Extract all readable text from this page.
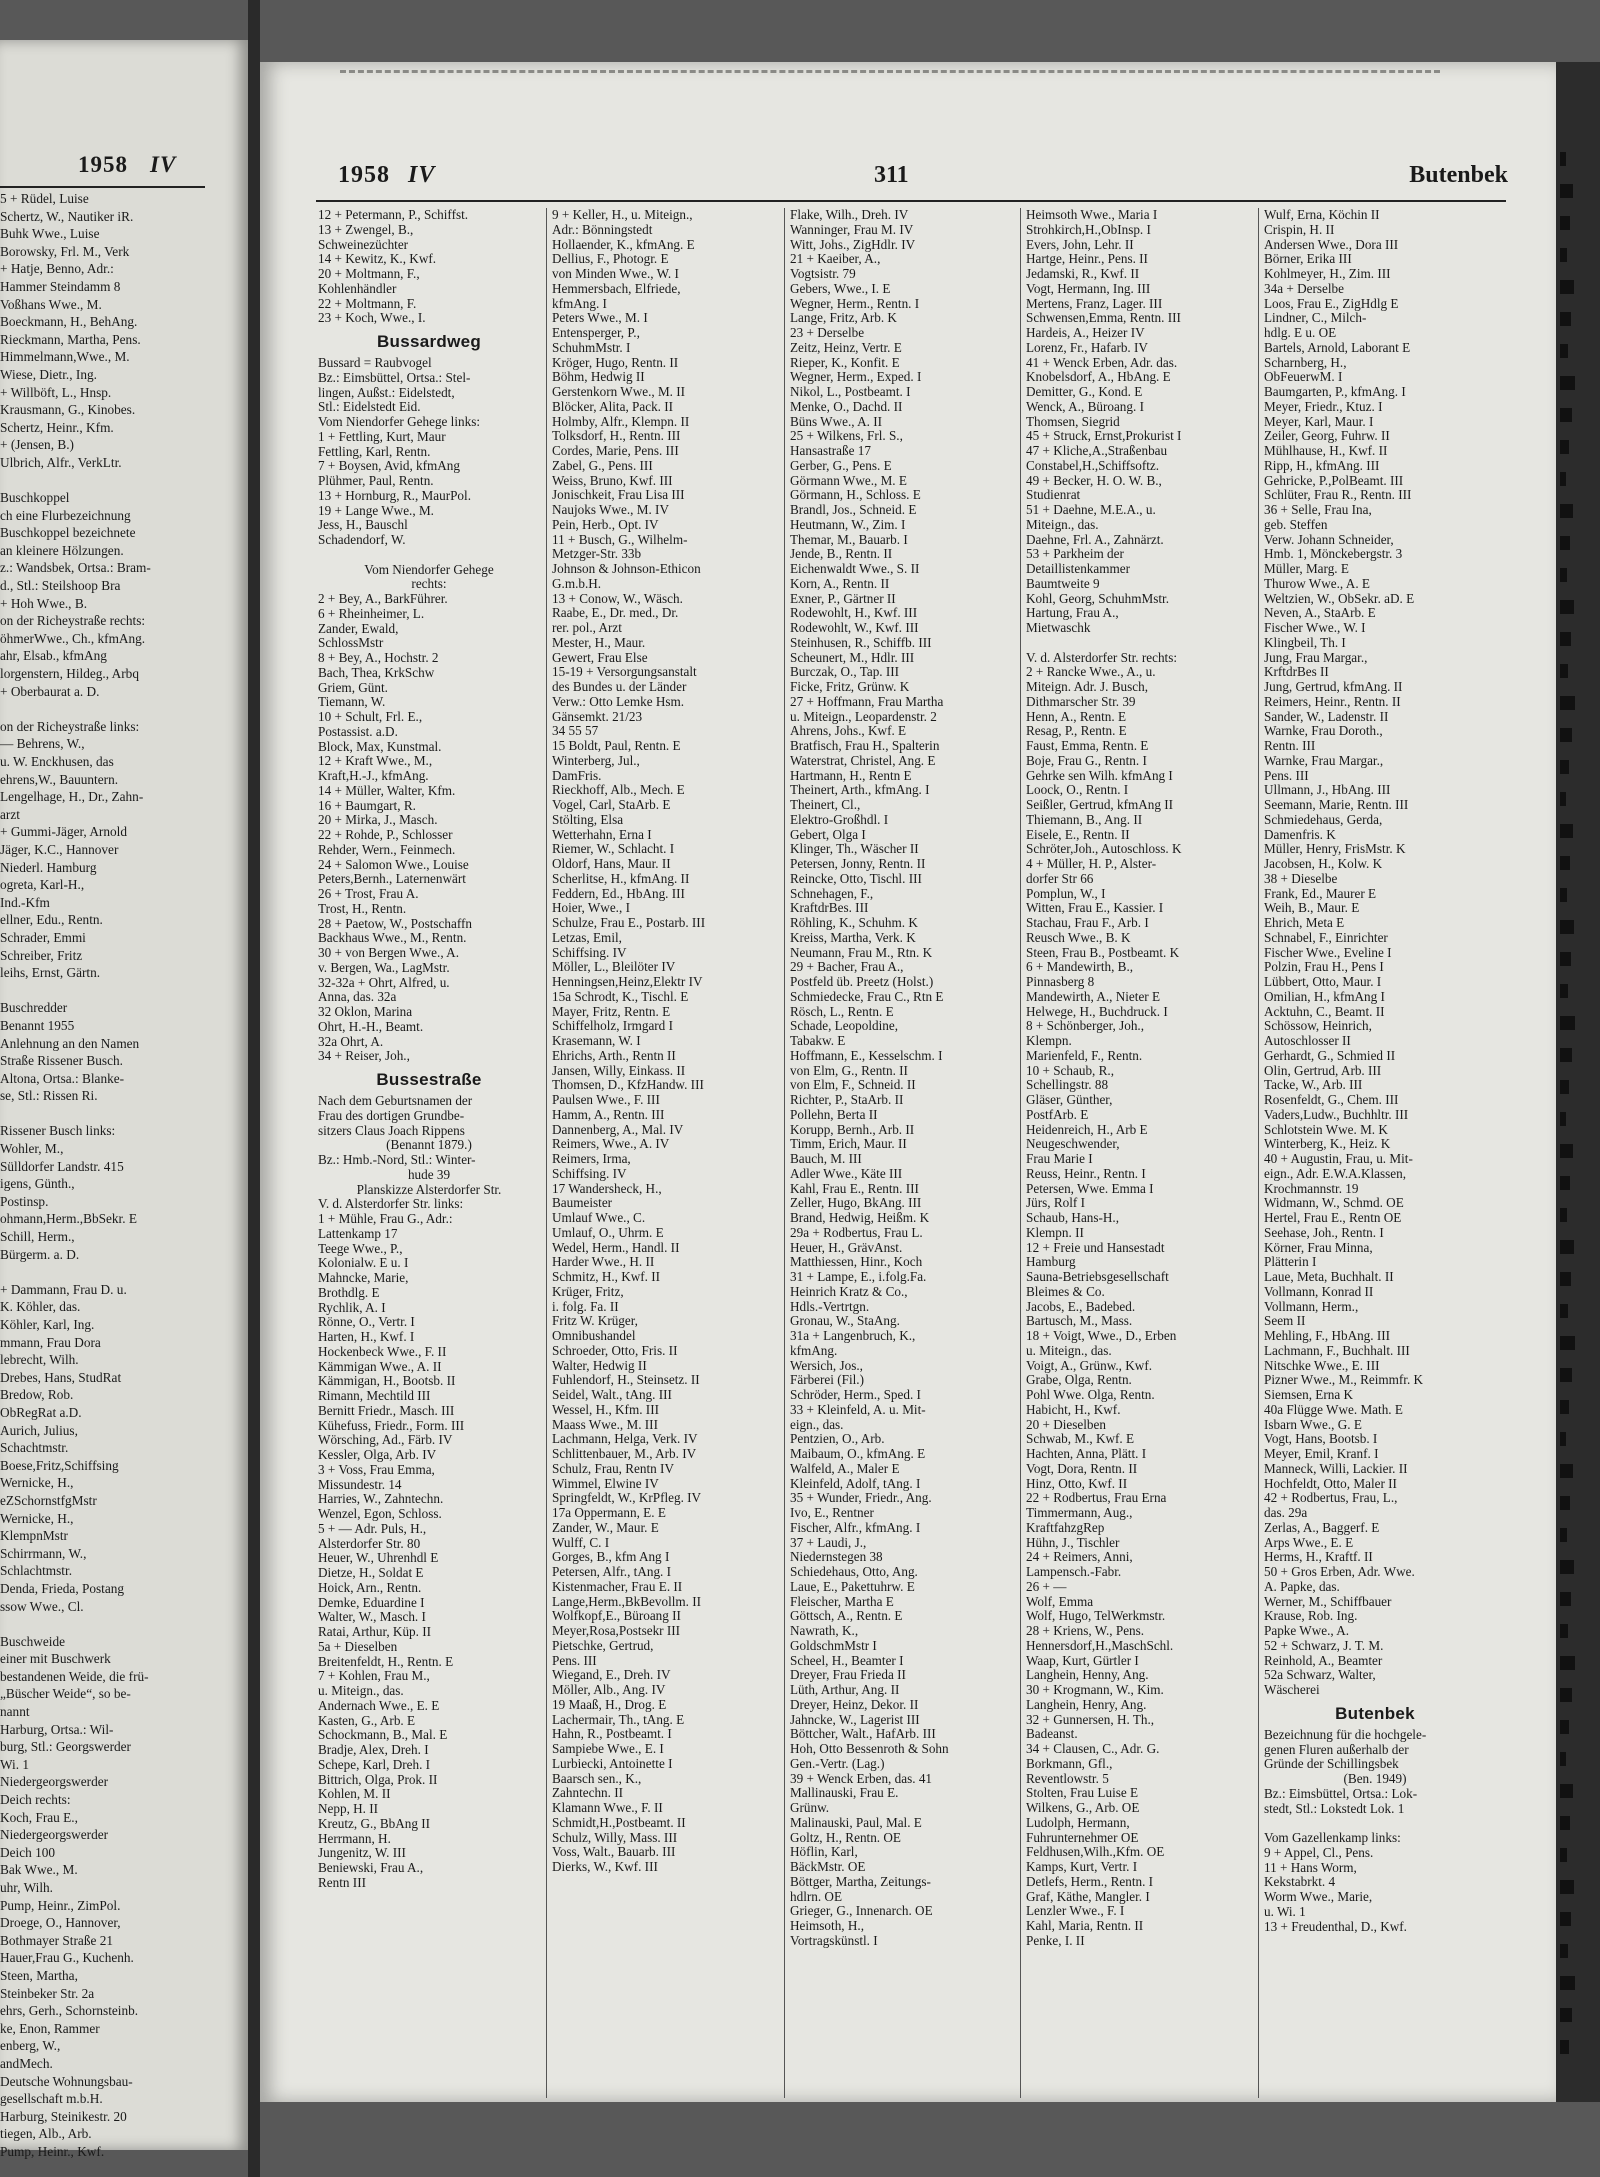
1958 IV
5 + Rüdel, Luise
Schertz, W., Nautiker iR.
Buhk Wwe., Luise
Borowsky, Frl. M., Verk
+ Hatje, Benno, Adr.:
Hammer Steindamm 8
Voßhans Wwe., M.
Boeckmann, H., BehAng.
Rieckmann, Martha, Pens.
Himmelmann,Wwe., M.
Wiese, Dietr., Ing.
+ Willböft, L., Hnsp.
Krausmann, G., Kinobes.
Schertz, Heinr., Kfm.
+ (Jensen, B.)
Ulbrich, Alfr., VerkLtr.

Buschkoppel
ch eine Flurbezeichnung
Buschkoppel bezeichnete
an kleinere Hölzungen.
z.: Wandsbek, Ortsa.: Bram-
d., Stl.: Steilshoop Bra
+ Hoh Wwe., B.
on der Richeystraße rechts:
öhmerWwe., Ch., kfmAng.
ahr, Elsab., kfmAng
lorgenstern, Hildeg., Arbq
+ Oberbaurat a. D.

on der Richeystraße links:
— Behrens, W.,
u. W. Enckhusen, das
ehrens,W., Bauuntern.
Lengelhage, H., Dr., Zahn-
arzt
+ Gummi-Jäger, Arnold
Jäger, K.C., Hannover
Niederl. Hamburg
ogreta, Karl-H.,
Ind.-Kfm
ellner, Edu., Rentn.
Schrader, Emmi
Schreiber, Fritz
leihs, Ernst, Gärtn.

Buschredder
Benannt 1955
Anlehnung an den Namen
Straße Rissener Busch.
Altona, Ortsa.: Blanke-
se, Stl.: Rissen Ri.

Rissener Busch links:
Wohler, M.,
Sülldorfer Landstr. 415
igens, Günth.,
Postinsp.
ohmann,Herm.,BbSekr. E
Schill, Herm.,
Bürgerm. a. D.

+ Dammann, Frau D. u.
K. Köhler, das.
Köhler, Karl, Ing.
mmann, Frau Dora
lebrecht, Wilh.
Drebes, Hans, StudRat
Bredow, Rob.
ObRegRat a.D.
Aurich, Julius,
Schachtmstr.
Boese,Fritz,Schiffsing
Wernicke, H.,
eZSchornstfgMstr
Wernicke, H.,
KlempnMstr
Schirrmann, W.,
Schlachtmstr.
Denda, Frieda, Postang
ssow Wwe., Cl.

Buschweide
einer mit Buschwerk
bestandenen Weide, die frü-
„Büscher Weide“, so be-
nannt
Harburg, Ortsa.: Wil-
burg, Stl.: Georgswerder
Wi. 1
Niedergeorgswerder
Deich rechts:
Koch, Frau E.,
Niedergeorgswerder
Deich 100
Bak Wwe., M.
uhr, Wilh.
Pump, Heinr., ZimPol.
Droege, O., Hannover,
Bothmayer Straße 21
Hauer,Frau G., Kuchenh.
Steen, Martha,
Steinbeker Str. 2a
ehrs, Gerh., Schornsteinb.
ke, Enon, Rammer
enberg, W.,
andMech.
Deutsche Wohnungsbau-
gesellschaft m.b.H.
Harburg, Steinikestr. 20
tiegen, Alb., Arb.
Pump, Heinr., Kwf.
1958 IV	311	Butenbek
12 + Petermann, P., Schiffst.
13 + Zwengel, B.,
Schweinezüchter
14 + Kewitz, K., Kwf.
20 + Moltmann, F.,
Kohlenhändler
22 + Moltmann, F.
23 + Koch, Wwe., I.
Bussardweg
Bussard = Raubvogel
Bz.: Eimsbüttel, Ortsa.: Stel-
lingen, Außst.: Eidelstedt,
Stl.: Eidelstedt Eid.
Vom Niendorfer Gehege links:
1 + Fettling, Kurt, Maur
Fettling, Karl, Rentn.
7 + Boysen, Avid, kfmAng
Plühmer, Paul, Rentn.
13 + Hornburg, R., MaurPol.
19 + Lange Wwe., M.
Jess, H., Bauschl
Schadendorf, W.

Vom Niendorfer Gehege
rechts:
2 + Bey, A., BarkFührer.
6 + Rheinheimer, L.
Zander, Ewald,
SchlossMstr
8 + Bey, A., Hochstr. 2
Bach, Thea, KrkSchw
Griem, Günt.
Tiemann, W.
10 + Schult, Frl. E.,
Postassist. a.D.
Block, Max, Kunstmal.
12 + Kraft Wwe., M.,
Kraft,H.-J., kfmAng.
14 + Müller, Walter, Kfm.
16 + Baumgart, R.
20 + Mirka, J., Masch.
22 + Rohde, P., Schlosser
Rehder, Wern., Feinmech.
24 + Salomon Wwe., Louise
Peters,Bernh., Laternenwärt
26 + Trost, Frau A.
Trost, H., Rentn.
28 + Paetow, W., Postschaffn
Backhaus Wwe., M., Rentn.
30 + von Bergen Wwe., A.
v. Bergen, Wa., LagMstr.
32-32a + Ohrt, Alfred, u.
Anna, das. 32a
32 Oklon, Marina
Ohrt, H.-H., Beamt.
32a Ohrt, A.
34 + Reiser, Joh.,
Bussestraße
Nach dem Geburtsnamen der
Frau des dortigen Grundbe-
sitzers Claus Joach Rippens
(Benannt 1879.)
Bz.: Hmb.-Nord, Stl.: Winter-
hude 39
Planskizze Alsterdorfer Str.
V. d. Alsterdorfer Str. links:
1 + Mühle, Frau G., Adr.:
Lattenkamp 17
Teege Wwe., P.,
Kolonialw. E u. I
Mahncke, Marie,
Brothdlg. E
Rychlik, A. I
Rönne, O., Vertr. I
Harten, H., Kwf. I
Hockenbeck Wwe., F. II
Kämmigan Wwe., A. II
Kämmigan, H., Bootsb. II
Rimann, Mechtild III
Bernitt Friedr., Masch. III
Kühefuss, Friedr., Form. III
Wörsching, Ad., Färb. IV
Kessler, Olga, Arb. IV
3 + Voss, Frau Emma,
Missundestr. 14
Harries, W., Zahntechn.
Wenzel, Egon, Schloss.
5 + — Adr. Puls, H.,
Alsterdorfer Str. 80
Heuer, W., Uhrenhdl E
Dietze, H., Soldat E
Hoick, Arn., Rentn.
Demke, Eduardine I
Walter, W., Masch. I
Ratai, Arthur, Küp. II
5a + Dieselben
Breitenfeldt, H., Rentn. E
7 + Kohlen, Frau M.,
u. Miteign., das.
Andernach Wwe., E. E
Kasten, G., Arb. E
Schockmann, B., Mal. E
Bradje, Alex, Dreh. I
Schepe, Karl, Dreh. I
Bittrich, Olga, Prok. II
Kohlen, M. II
Nepp, H. II
Kreutz, G., BbAng II
Herrmann, H.
Jungenitz, W. III
Beniewski, Frau A.,
Rentn III
9 + Keller, H., u. Miteign.,
Adr.: Bönningstedt
Hollaender, K., kfmAng. E
Dellius, F., Photogr. E
von Minden Wwe., W. I
Hemmersbach, Elfriede,
kfmAng. I
Peters Wwe., M. I
Entensperger, P.,
SchuhmMstr. I
Kröger, Hugo, Rentn. II
Böhm, Hedwig II
Gerstenkorn Wwe., M. II
Blöcker, Alita, Pack. II
Holmby, Alfr., Klempn. II
Tolksdorf, H., Rentn. III
Cordes, Marie, Pens. III
Zabel, G., Pens. III
Weiss, Bruno, Kwf. III
Jonischkeit, Frau Lisa III
Naujoks Wwe., M. IV
Pein, Herb., Opt. IV
11 + Busch, G., Wilhelm-
Metzger-Str. 33b
Johnson & Johnson-Ethicon
G.m.b.H.
13 + Conow, W., Wäsch.
Raabe, E., Dr. med., Dr.
rer. pol., Arzt
Mester, H., Maur.
Gewert, Frau Else
15-19 + Versorgungsanstalt
des Bundes u. der Länder
Verw.: Otto Lemke Hsm.
Gänsemkt. 21/23
34 55 57
15 Boldt, Paul, Rentn. E
Winterberg, Jul.,
DamFris.
Rieckhoff, Alb., Mech. E
Vogel, Carl, StaArb. E
Stölting, Elsa
Wetterhahn, Erna I
Riemer, W., Schlacht. I
Oldorf, Hans, Maur. II
Scherlitse, H., kfmAng. II
Feddern, Ed., HbAng. III
Hoier, Wwe., I
Schulze, Frau E., Postarb. III
Letzas, Emil,
Schiffsing. IV
Möller, L., Bleilöter IV
Henningsen,Heinz,Elektr IV
15a Schrodt, K., Tischl. E
Mayer, Fritz, Rentn. E
Schiffelholz, Irmgard I
Krasemann, W. I
Ehrichs, Arth., Rentn II
Jansen, Willy, Einkass. II
Thomsen, D., KfzHandw. III
Paulsen Wwe., F. III
Hamm, A., Rentn. III
Dannenberg, A., Mal. IV
Reimers, Wwe., A. IV
Reimers, Irma,
Schiffsing. IV
17 Wandersheck, H.,
Baumeister
Umlauf Wwe., C.
Umlauf, O., Uhrm. E
Wedel, Herm., Handl. II
Harder Wwe., H. II
Schmitz, H., Kwf. II
Krüger, Fritz,
i. folg. Fa. II
Fritz W. Krüger,
Omnibushandel
Schroeder, Otto, Fris. II
Walter, Hedwig II
Fuhlendorf, H., Steinsetz. II
Seidel, Walt., tAng. III
Wessel, H., Kfm. III
Maass Wwe., M. III
Lachmann, Helga, Verk. IV
Schlittenbauer, M., Arb. IV
Schulz, Frau, Rentn IV
Wimmel, Elwine IV
Springfeldt, W., KrPfleg. IV
17a Oppermann, E. E
Zander, W., Maur. E
Wulff, C. I
Gorges, B., kfm Ang I
Petersen, Alfr., tAng. I
Kistenmacher, Frau E. II
Lange,Herm.,BkBevollm. II
Wolfkopf,E., Büroang II
Meyer,Rosa,Postsekr III
Pietschke, Gertrud,
Pens. III
Wiegand, E., Dreh. IV
Möller, Alb., Ang. IV
19 Maaß, H., Drog. E
Lachermair, Th., tAng. E
Hahn, R., Postbeamt. I
Sampiebe Wwe., E. I
Lurbiecki, Antoinette I
Baarsch sen., K.,
Zahntechn. II
Klamann Wwe., F. II
Schmidt,H.,Postbeamt. II
Schulz, Willy, Mass. III
Voss, Walt., Bauarb. III
Dierks, W., Kwf. III
Flake, Wilh., Dreh. IV
Wanninger, Frau M. IV
Witt, Johs., ZigHdlr. IV
21 + Kaeiber, A.,
Vogtsistr. 79
Gebers, Wwe., I. E
Wegner, Herm., Rentn. I
Lange, Fritz, Arb. K
23 + Derselbe
Zeitz, Heinz, Vertr. E
Rieper, K., Konfit. E
Wegner, Herm., Exped. I
Nikol, L., Postbeamt. I
Menke, O., Dachd. II
Büns Wwe., A. II
25 + Wilkens, Frl. S.,
Hansastraße 17
Gerber, G., Pens. E
Görmann Wwe., M. E
Görmann, H., Schloss. E
Brandl, Jos., Schneid. E
Heutmann, W., Zim. I
Themar, M., Bauarb. I
Jende, B., Rentn. II
Eichenwaldt Wwe., S. II
Korn, A., Rentn. II
Exner, P., Gärtner II
Rodewohlt, H., Kwf. III
Rodewohlt, W., Kwf. III
Steinhusen, R., Schiffb. III
Scheunert, M., Hdlr. III
Burczak, O., Tap. III
Ficke, Fritz, Grünw. K
27 + Hoffmann, Frau Martha
u. Miteign., Leopardenstr. 2
Ahrens, Johs., Kwf. E
Bratfisch, Frau H., Spalterin
Waterstrat, Christel, Ang. E
Hartmann, H., Rentn E
Theinert, Arth., kfmAng. I
Theinert, Cl.,
Elektro-Großhdl. I
Gebert, Olga I
Klinger, Th., Wäscher II
Petersen, Jonny, Rentn. II
Reincke, Otto, Tischl. III
Schnehagen, F.,
KraftdrBes. III
Röhling, K., Schuhm. K
Kreiss, Martha, Verk. K
Neumann, Frau M., Rtn. K
29 + Bacher, Frau A.,
Postfeld üb. Preetz (Holst.)
Schmiedecke, Frau C., Rtn E
Rösch, L., Rentn. E
Schade, Leopoldine,
Tabakw. E
Hoffmann, E., Kesselschm. I
von Elm, G., Rentn. II
von Elm, F., Schneid. II
Richter, P., StaArb. II
Pollehn, Berta II
Korupp, Bernh., Arb. II
Timm, Erich, Maur. II
Bauch, M. III
Adler Wwe., Käte III
Kahl, Frau E., Rentn. III
Zeller, Hugo, BkAng. III
Brand, Hedwig, Heißm. K
29a + Rodbertus, Frau L.
Heuer, H., GrävAnst.
Matthiessen, Hinr., Koch
31 + Lampe, E., i.folg.Fa.
Heinrich Kratz & Co.,
Hdls.-Vertrtgn.
Gronau, W., StaAng.
31a + Langenbruch, K.,
kfmAng.
Wersich, Jos.,
Färberei (Fil.)
Schröder, Herm., Sped. I
33 + Kleinfeld, A. u. Mit-
eign., das.
Pentzien, O., Arb.
Maibaum, O., kfmAng. E
Walfeld, A., Maler E
Kleinfeld, Adolf, tAng. I
35 + Wunder, Friedr., Ang.
Ivo, E., Rentner
Fischer, Alfr., kfmAng. I
37 + Laudi, J.,
Niedernstegen 38
Schiedehaus, Otto, Ang.
Laue, E., Pakettuhrw. E
Fleischer, Martha E
Göttsch, A., Rentn. E
Nawrath, K.,
GoldschmMstr I
Scheel, H., Beamter I
Dreyer, Frau Frieda II
Lüth, Arthur, Ang. II
Dreyer, Heinz, Dekor. II
Jahncke, W., Lagerist III
Böttcher, Walt., HafArb. III
Hoh, Otto Bessenroth & Sohn
Gen.-Vertr. (Lag.)
39 + Wenck Erben, das. 41
Mallinauski, Frau E.
Grünw.
Malinauski, Paul, Mal. E
Goltz, H., Rentn. OE
Höflin, Karl,
BäckMstr. OE
Böttger, Martha, Zeitungs-
hdlrn. OE
Grieger, G., Innenarch. OE
Heimsoth, H.,
Vortragskünstl. I
Heimsoth Wwe., Maria I
Strohkirch,H.,ObInsp. I
Evers, John, Lehr. II
Hartge, Heinr., Pens. II
Jedamski, R., Kwf. II
Vogt, Hermann, Ing. III
Mertens, Franz, Lager. III
Schwensen,Emma, Rentn. III
Hardeis, A., Heizer IV
Lorenz, Fr., Hafarb. IV
41 + Wenck Erben, Adr. das.
Knobelsdorf, A., HbAng. E
Demitter, G., Kond. E
Wenck, A., Büroang. I
Thomsen, Siegrid
45 + Struck, Ernst,Prokurist I
47 + Kliche,A.,Straßenbau
Constabel,H.,Schiffsoftz.
49 + Becker, H. O. W. B.,
Studienrat
51 + Daehne, M.E.A., u.
Miteign., das.
Daehne, Frl. A., Zahnärzt.
53 + Parkheim der
Detaillistenkammer
Baumtweite 9
Kohl, Georg, SchuhmMstr.
Hartung, Frau A.,
Mietwaschk

V. d. Alsterdorfer Str. rechts:
2 + Rancke Wwe., A., u.
Miteign. Adr. J. Busch,
Dithmarscher Str. 39
Henn, A., Rentn. E
Resag, P., Rentn. E
Faust, Emma, Rentn. E
Boje, Frau G., Rentn. I
Gehrke sen Wilh. kfmAng I
Loock, O., Rentn. I
Seißler, Gertrud, kfmAng II
Thiemann, B., Ang. II
Eisele, E., Rentn. II
Schröter,Joh., Autoschloss. K
4 + Müller, H. P., Alster-
dorfer Str 66
Pomplun, W., I
Witten, Frau E., Kassier. I
Stachau, Frau F., Arb. I
Reusch Wwe., B. K
Steen, Frau B., Postbeamt. K
6 + Mandewirth, B.,
Pinnasberg 8
Mandewirth, A., Nieter E
Helwege, H., Buchdruck. I
8 + Schönberger, Joh.,
Klempn.
Marienfeld, F., Rentn.
10 + Schaub, R.,
Schellingstr. 88
Gläser, Günther,
PostfArb. E
Heidenreich, H., Arb E
Neugeschwender,
Frau Marie I
Reuss, Heinr., Rentn. I
Petersen, Wwe. Emma I
Jürs, Rolf I
Schaub, Hans-H.,
Klempn. II
12 + Freie und Hansestadt
Hamburg
Sauna-Betriebsgesellschaft
Bleimes & Co.
Jacobs, E., Badebed.
Bartusch, M., Mass.
18 + Voigt, Wwe., D., Erben
u. Miteign., das.
Voigt, A., Grünw., Kwf.
Grabe, Olga, Rentn.
Pohl Wwe. Olga, Rentn.
Habicht, H., Kwf.
20 + Dieselben
Schwab, M., Kwf. E
Hachten, Anna, Plätt. I
Vogt, Dora, Rentn. II
Hinz, Otto, Kwf. II
22 + Rodbertus, Frau Erna
Timmermann, Aug.,
KraftfahzgRep
Hühn, J., Tischler
24 + Reimers, Anni,
Lampensch.-Fabr.
26 + —
Wolf, Emma
Wolf, Hugo, TelWerkmstr.
28 + Kriens, W., Pens.
Hennersdorf,H.,MaschSchl.
Waap, Kurt, Gürtler I
Langhein, Henny, Ang.
30 + Krogmann, W., Kim.
Langhein, Henry, Ang.
32 + Gunnersen, H. Th.,
Badeanst.
34 + Clausen, C., Adr. G.
Borkmann, Gfl.,
Reventlowstr. 5
Stolten, Frau Luise E
Wilkens, G., Arb. OE
Ludolph, Hermann,
Fuhrunternehmer OE
Feldhusen,Wilh.,Kfm. OE
Kamps, Kurt, Vertr. I
Detlefs, Herm., Rentn. I
Graf, Käthe, Mangler. I
Lenzler Wwe., F. I
Kahl, Maria, Rentn. II
Penke, I. II
Wulf, Erna, Köchin II
Crispin, H. II
Andersen Wwe., Dora III
Börner, Erika III
Kohlmeyer, H., Zim. III
34a + Derselbe
Loos, Frau E., ZigHdlg E
Lindner, C., Milch-
hdlg. E u. OE
Bartels, Arnold, Laborant E
Scharnberg, H.,
ObFeuerwM. I
Baumgarten, P., kfmAng. I
Meyer, Friedr., Ktuz. I
Meyer, Karl, Maur. I
Zeiler, Georg, Fuhrw. II
Mühlhause, H., Kwf. II
Ripp, H., kfmAng. III
Gehricke, P.,PolBeamt. III
Schlüter, Frau R., Rentn. III
36 + Selle, Frau Ina,
geb. Steffen
Verw. Johann Schneider,
Hmb. 1, Mönckebergstr. 3
Müller, Marg. E
Thurow Wwe., A. E
Weltzien, W., ObSekr. aD. E
Neven, A., StaArb. E
Fischer Wwe., W. I
Klingbeil, Th. I
Jung, Frau Margar.,
KrftdrBes II
Jung, Gertrud, kfmAng. II
Reimers, Heinr., Rentn. II
Sander, W., Ladenstr. II
Warnke, Frau Doroth.,
Rentn. III
Warnke, Frau Margar.,
Pens. III
Ullmann, J., HbAng. III
Seemann, Marie, Rentn. III
Schmiedehaus, Gerda,
Damenfris. K
Müller, Henry, FrisMstr. K
Jacobsen, H., Kolw. K
38 + Dieselbe
Frank, Ed., Maurer E
Weih, B., Maur. E
Ehrich, Meta E
Schnabel, F., Einrichter
Fischer Wwe., Eveline I
Polzin, Frau H., Pens I
Lübbert, Otto, Maur. I
Omilian, H., kfmAng I
Acktuhn, C., Beamt. II
Schössow, Heinrich,
Autoschlosser II
Gerhardt, G., Schmied II
Olin, Gertrud, Arb. III
Tacke, W., Arb. III
Rosenfeldt, G., Chem. III
Vaders,Ludw., Buchhltr. III
Schlotstein Wwe. M. K
Winterberg, K., Heiz. K
40 + Augustin, Frau, u. Mit-
eign., Adr. E.W.A.Klassen,
Krochmannstr. 19
Widmann, W., Schmd. OE
Hertel, Frau E., Rentn OE
Seehase, Joh., Rentn. I
Körner, Frau Minna,
Plätterin I
Laue, Meta, Buchhalt. II
Vollmann, Konrad II
Vollmann, Herm.,
Seem II
Mehling, F., HbAng. III
Lachmann, F., Buchhalt. III
Nitschke Wwe., E. III
Pizner Wwe., M., Reimmfr. K
Siemsen, Erna K
40a Flügge Wwe. Math. E
Isbarn Wwe., G. E
Vogt, Hans, Bootsb. I
Meyer, Emil, Kranf. I
Manneck, Willi, Lackier. II
Hochfeldt, Otto, Maler II
42 + Rodbertus, Frau, L.,
das. 29a
Zerlas, A., Baggerf. E
Arps Wwe., E. E
Herms, H., Kraftf. II
50 + Gros Erben, Adr. Wwe.
A. Papke, das.
Werner, M., Schiffbauer
Krause, Rob. Ing.
Papke Wwe., A.
52 + Schwarz, J. T. M.
Reinhold, A., Beamter
52a Schwarz, Walter,
Wäscherei
Butenbek
Bezeichnung für die hochgele-
genen Fluren außerhalb der
Gründe der Schillingsbek
(Ben. 1949)
Bz.: Eimsbüttel, Ortsa.: Lok-
stedt, Stl.: Lokstedt Lok. 1

Vom Gazellenkamp links:
9 + Appel, Cl., Pens.
11 + Hans Worm,
Kekstabrkt. 4
Worm Wwe., Marie,
u. Wi. 1
13 + Freudenthal, D., Kwf.
